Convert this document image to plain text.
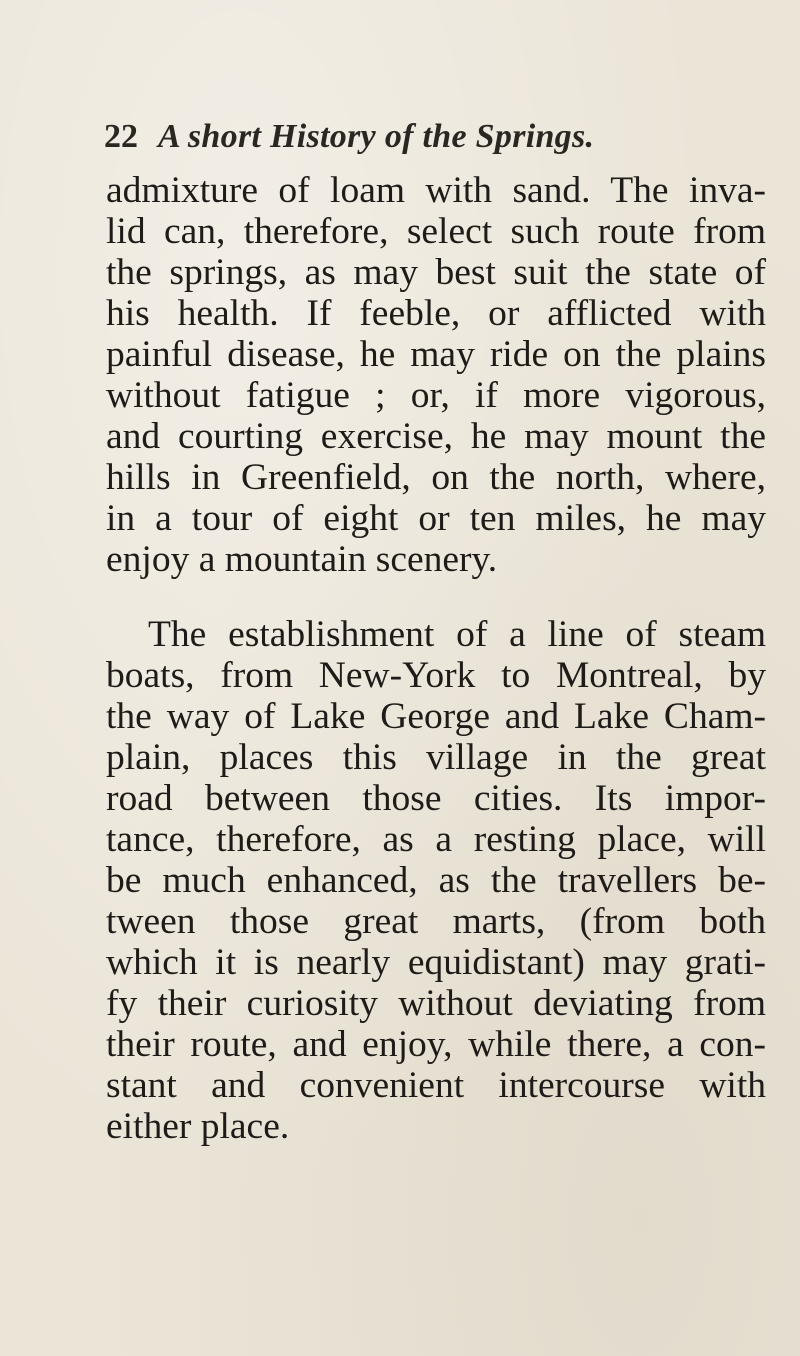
22 A short History of the Springs.

admixture of loam with sand. The inva-
lid can, therefore, select such route from
the springs, as may best suit the state of
his health. If feeble, or afflicted with
painful disease, he may ride on the plains
without fatigue ; or, if more vigorous,
and courting exercise, he may mount the
hills in Greenfield, on the north, where,
in a tour of eight or ten miles, he may
enjoy a mountain scenery.

The establishment of a line of steam
boats, from New-York to Montreal, by
the way of Lake George and Lake Cham-
plain, places this village in the great
road between those cities. Its impor-
tance, therefore, as a resting place, will
be much enhanced, as the travellers be-
tween those great marts, (from both
which it is nearly equidistant) may grati-
fy their curiosity without deviating from
their route, and enjoy, while there, a con-
stant and convenient intercourse with
either place.
